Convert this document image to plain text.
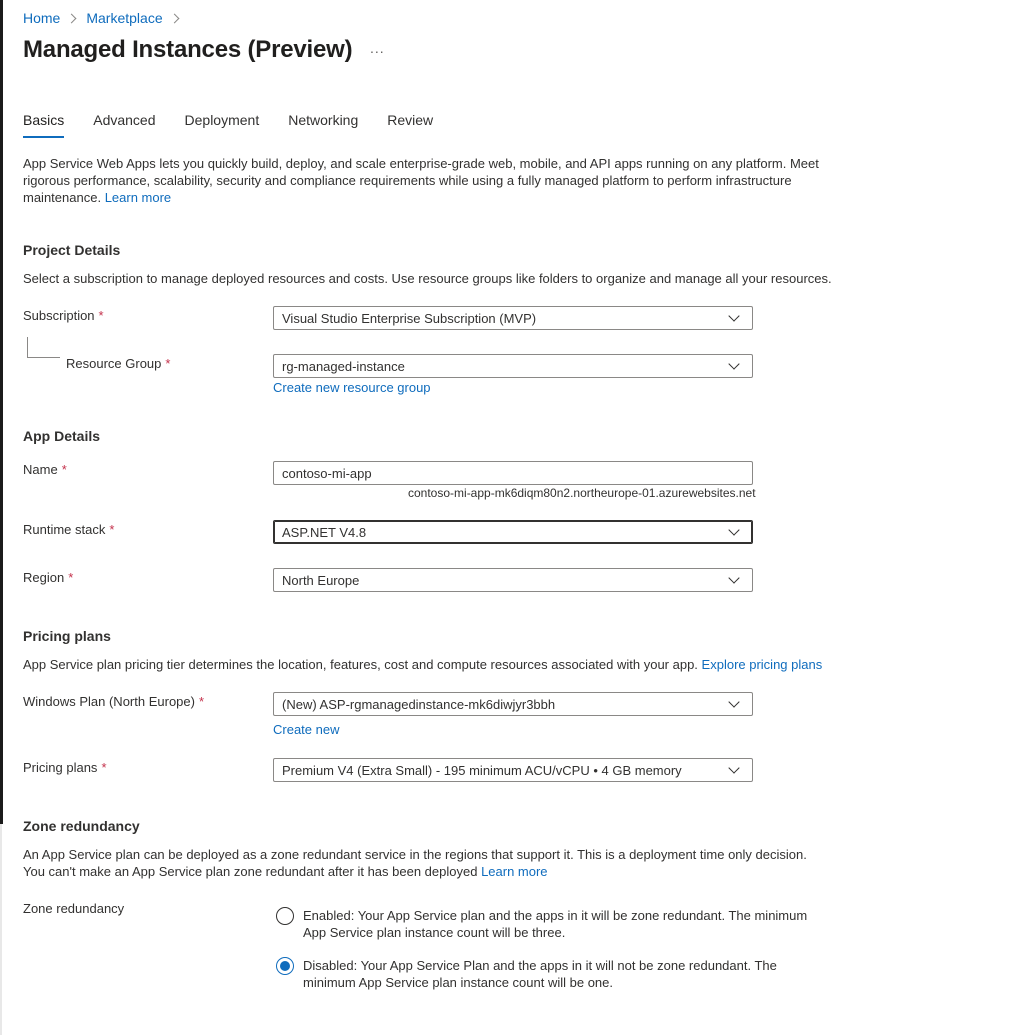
Home Marketplace
Managed Instances (Preview) ...
Basics Advanced Deployment Networking Review
App Service Web Apps lets you quickly build, deploy, and scale enterprise-grade web, mobile, and API apps running on any platform. Meet rigorous performance, scalability, security and compliance requirements while using a fully managed platform to perform infrastructure maintenance. Learn more
Project Details
Select a subscription to manage deployed resources and costs. Use resource groups like folders to organize and manage all your resources.
Subscription *	Visual Studio Enterprise Subscription (MVP)
Resource Group *	rg-managed-instance
Create new resource group
App Details
Name *	contoso-mi-app
contoso-mi-app-mk6diqm80n2.northeurope-01.azurewebsites.net
Runtime stack *	ASP.NET V4.8
Region *	North Europe
Pricing plans
App Service plan pricing tier determines the location, features, cost and compute resources associated with your app. Explore pricing plans
Windows Plan (North Europe) *	(New) ASP-rgmanagedinstance-mk6diwjyr3bbh
Create new
Pricing plans *	Premium V4 (Extra Small) - 195 minimum ACU/vCPU • 4 GB memory
Zone redundancy
An App Service plan can be deployed as a zone redundant service in the regions that support it. This is a deployment time only decision. You can't make an App Service plan zone redundant after it has been deployed Learn more
Zone redundancy	Enabled: Your App Service plan and the apps in it will be zone redundant. The minimum App Service plan instance count will be three.
Disabled: Your App Service Plan and the apps in it will not be zone redundant. The minimum App Service plan instance count will be one.
